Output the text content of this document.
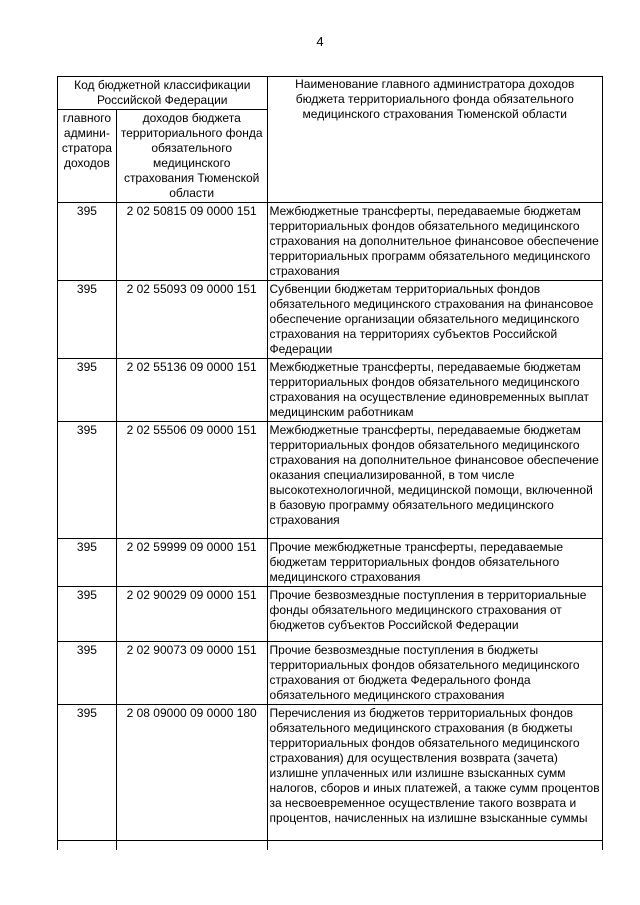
4
Код бюджетной классификации Российской Федерации		Наименование главного администратора доходов бюджета территориального фонда обязательного медицинского страхования Тюменской области
главного админи-стратора доходов	доходов бюджета территориального фонда обязательного медицинского страхования Тюменской области	
395	2 02 50815 09 0000 151	Межбюджетные трансферты, передаваемые бюджетам территориальных фондов обязательного медицинского страхования на дополнительное финансовое обеспечение территориальных программ обязательного медицинского страхования
395	2 02 55093 09 0000 151	Субвенции бюджетам территориальных фондов обязательного медицинского страхования на финансовое обеспечение организации обязательного медицинского страхования на территориях субъектов Российской Федерации
395	2 02 55136 09 0000 151	Межбюджетные трансферты, передаваемые бюджетам территориальных фондов обязательного медицинского страхования на осуществление единовременных выплат медицинским работникам
395	2 02 55506 09 0000 151	Межбюджетные трансферты, передаваемые бюджетам территориальных фондов обязательного медицинского страхования на дополнительное финансовое обеспечение оказания специализированной, в том числе высокотехнологичной, медицинской помощи, включенной в базовую программу обязательного медицинского страхования
395	2 02 59999 09 0000 151	Прочие межбюджетные трансферты, передаваемые бюджетам территориальных фондов обязательного медицинского страхования
395	2 02 90029 09 0000 151	Прочие безвозмездные поступления в территориальные фонды обязательного медицинского страхования от бюджетов субъектов Российской Федерации
395	2 02 90073 09 0000 151	Прочие безвозмездные поступления в бюджеты территориальных фондов обязательного медицинского страхования от бюджета Федерального фонда обязательного медицинского страхования
395	2 08 09000 09 0000 180	Перечисления из бюджетов территориальных фондов обязательного медицинского страхования (в бюджеты территориальных фондов обязательного медицинского страхования) для осуществления возврата (зачета) излишне уплаченных или излишне взысканных сумм налогов, сборов и иных платежей, а также сумм процентов за несвоевременное осуществление такого возврата и процентов, начисленных на излишне взысканные суммы
